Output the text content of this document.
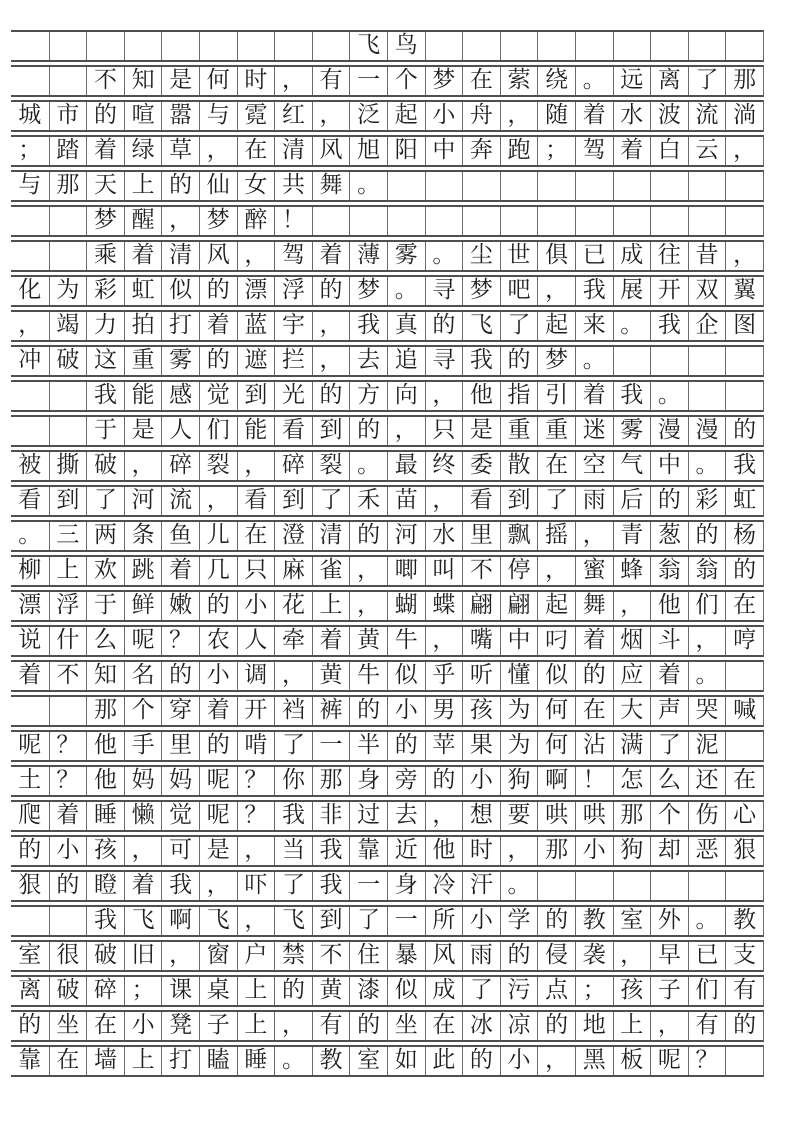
飞 鸟
不 知 是 何 时 ， 有 一 个 梦 在 萦 绕 。 远 离 了 那
城 市 的 喧 嚣 与 霓 红 ， 泛 起 小 舟 ， 随 着 水 波 流 淌
； 踏 着 绿 草 ， 在 清 风 旭 阳 中 奔 跑 ； 驾 着 白 云 ，
与 那 天 上 的 仙 女 共 舞 。
梦 醒 ， 梦 醉 ！
乘 着 清 风 ， 驾 着 薄 雾 。 尘 世 俱 已 成 往 昔 ，
化 为 彩 虹 似 的 漂 浮 的 梦 。 寻 梦 吧 ， 我 展 开 双 翼
， 竭 力 拍 打 着 蓝 宇 ， 我 真 的 飞 了 起 来 。 我 企 图
冲 破 这 重 雾 的 遮 拦 ， 去 追 寻 我 的 梦 。
我 能 感 觉 到 光 的 方 向 ， 他 指 引 着 我 。
于 是 人 们 能 看 到 的 ， 只 是 重 重 迷 雾 漫 漫 的
被 撕 破 ， 碎 裂 ， 碎 裂 。 最 终 委 散 在 空 气 中 。 我
看 到 了 河 流 ， 看 到 了 禾 苗 ， 看 到 了 雨 后 的 彩 虹
。 三 两 条 鱼 儿 在 澄 清 的 河 水 里 飘 摇 ， 青 葱 的 杨
柳 上 欢 跳 着 几 只 麻 雀 ， 唧 叫 不 停 ， 蜜 蜂 翁 翁 的
漂 浮 于 鲜 嫩 的 小 花 上 ， 蝴 蝶 翩 翩 起 舞 ， 他 们 在
说 什 么 呢 ？ 农 人 牵 着 黄 牛 ， 嘴 中 叼 着 烟 斗 ， 哼
着 不 知 名 的 小 调 ， 黄 牛 似 乎 听 懂 似 的 应 着 。
那 个 穿 着 开 裆 裤 的 小 男 孩 为 何 在 大 声 哭 喊
呢 ？ 他 手 里 的 啃 了 一 半 的 苹 果 为 何 沾 满 了 泥
土 ？ 他 妈 妈 呢 ？ 你 那 身 旁 的 小 狗 啊 ！ 怎 么 还 在
爬 着 睡 懒 觉 呢 ？ 我 非 过 去 ， 想 要 哄 哄 那 个 伤 心
的 小 孩 ， 可 是 ， 当 我 靠 近 他 时 ， 那 小 狗 却 恶 狠
狠 的 瞪 着 我 ， 吓 了 我 一 身 冷 汗 。
我 飞 啊 飞 ， 飞 到 了 一 所 小 学 的 教 室 外 。 教
室 很 破 旧 ， 窗 户 禁 不 住 暴 风 雨 的 侵 袭 ， 早 已 支
离 破 碎 ； 课 桌 上 的 黄 漆 似 成 了 污 点 ； 孩 子 们 有
的 坐 在 小 凳 子 上 ， 有 的 坐 在 冰 凉 的 地 上 ， 有 的
靠 在 墙 上 打 瞌 睡 。 教 室 如 此 的 小 ， 黑 板 呢 ？
